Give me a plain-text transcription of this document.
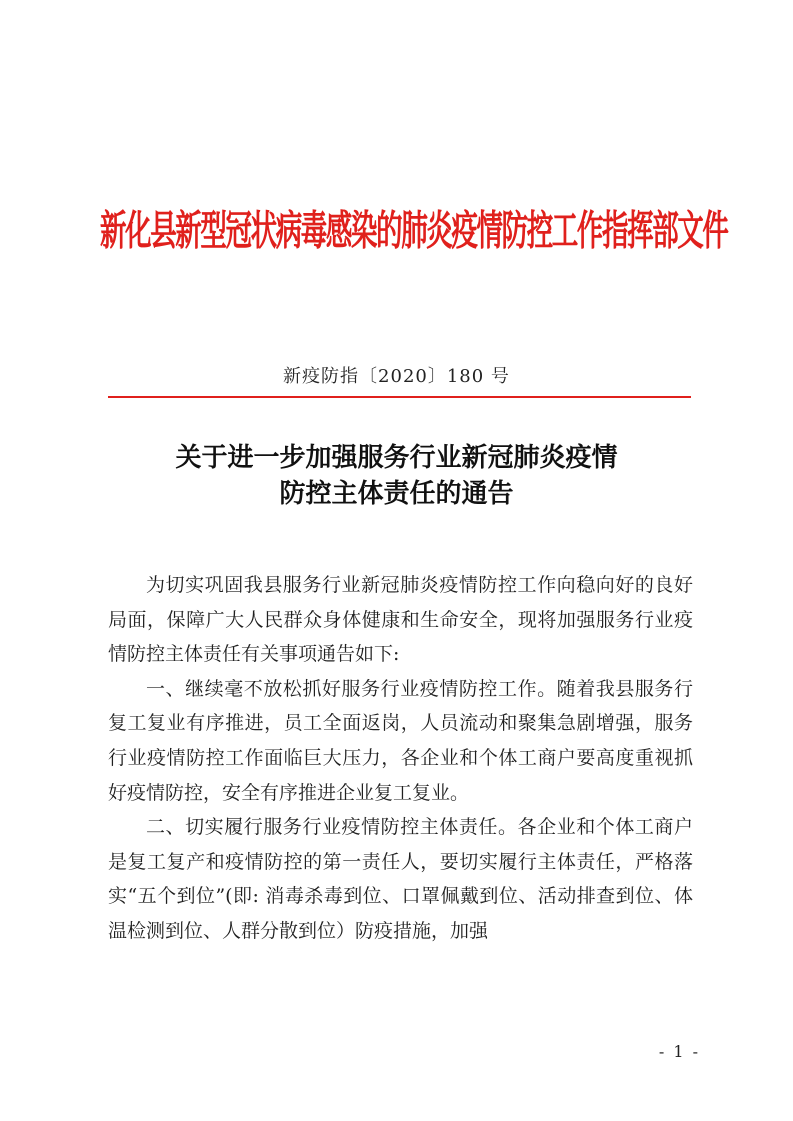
新化县新型冠状病毒感染的肺炎疫情防控工作指挥部文件
新疫防指〔2020〕180 号
关于进一步加强服务行业新冠肺炎疫情
防控主体责任的通告

为切实巩固我县服务行业新冠肺炎疫情防控工作向稳向好的良好局面，保障广大人民群众身体健康和生命安全，现将加强服务行业疫情防控主体责任有关事项通告如下:

一、继续毫不放松抓好服务行业疫情防控工作。随着我县服务行复工复业有序推进，员工全面返岗，人员流动和聚集急剧增强，服务行业疫情防控工作面临巨大压力，各企业和个体工商户要高度重视抓好疫情防控，安全有序推进企业复工复业。

二、切实履行服务行业疫情防控主体责任。各企业和个体工商户是复工复产和疫情防控的第一责任人，要切实履行主体责任，严格落实“五个到位”(即: 消毒杀毒到位、口罩佩戴到位、活动排查到位、体温检测到位、人群分散到位）防疫措施，加强

- 1 -
